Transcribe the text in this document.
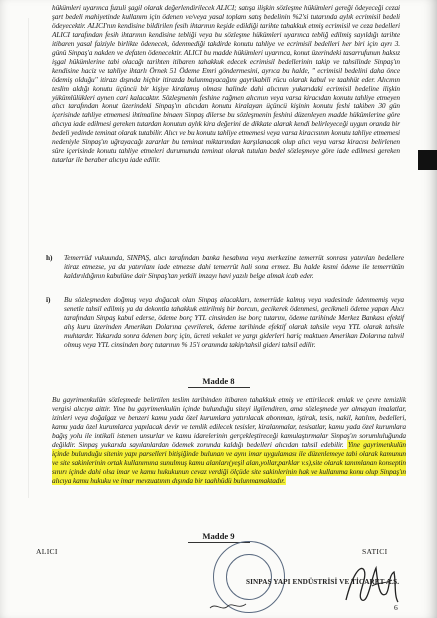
hükümleri uyarınca fuzuli şagil olarak değerlendirilecek ALICI; satışa ilişkin sözleşme hükümleri gereği ödeyeceği cezai şart bedeli mahiyetinde kullanım için ödenen ve/veya yasal toplam satış bedelinin %2'si tutarında aylık ecrimisil bedeli ödeyecektir. ALICI'nın kendisine bildirilen fesih ihtarının keşide edildiği tarihte tahakkuk etmiş ecrimisil ve ceza bedelleri ALICI tarafından fesih ihtarının kendisine tebliği veya bu sözleşme hükümleri uyarınca tebliğ edilmiş sayıldığı tarihte itibaren yasal faiziyle birlikte ödenecek, ödenmediği takdirde konutu tahliye ve ecrimisil bedelleri her biri için ayrı 3. günü Sinpaş'a nakden ve defaten ödenecektir. ALICI bu madde hükümleri uyarınca, konut üzerindeki tasarrufunun haksız işgal hükümlerine tabi olacağı tarihten itibaren tahakkuk edecek ecrimisil bedellerinin takip ve tahsilinde Sinpaş'ın kendisine haciz ve tahliye ihtarlı Örnek 51 Ödeme Emri göndermesini, ayrıca bu halde, " ecrimisil bedelini daha önce ödemiş olduğu" itirazı dışında hiçbir itirazda bulunmayacağını gayrikabili rücu olarak kabul ve taahhüt eder. Alıcının teslim aldığı konutu üçüncü bir kişiye kiralamış olması halinde dahi alıcının yukarıdaki ecrimisil bedeline ilişkin yükümlülükleri aynen cari kalacaktır. Sözleşmenin feshine rağmen alıcının veya varsa kiracıdan konutu tahliye etmeyen alıcı tarafından konut üzerindeki Sinpaş'ın alıcıdan konutu kiralayan üçüncü kişinin konutu feshi takiben 30 gün içerisinde tahliye etmemesi ihtimaline binaen Sinpaş dilerse bu sözleşmenin feshini düzenleyen madde hükümlerine göre alıcıya iade edilmesi gereken tutardan konutun aylık kira değerini de dikkate alarak kendi belirleyeceği uygun oranda bir bedeli yedinde teminat olarak tutabilir. Alıcı ve bu konutu tahliye etmemesi veya varsa kiracısının konutu tahliye etmemesi nedeniyle Sinpaş'ın uğrayacağı zararlar bu teminat miktarından karşılanacak olup alıcı veya varsa kiracısı belirlenen süre içerisinde konutu tahliye etmeleri durumunda teminat olarak tutulan bedel sözleşmeye göre iade edilmesi gereken tutarlar ile beraber alıcıya iade edilir.
h)	Temerrüd vukuunda, SINPAŞ, alıcı tarafından banka hesabına veya merkezine temerrüt sonrası yatırılan bedellere itiraz etmezse, ya da yatırılanı iade etmezse dahi temerrüt hali sona ermez. Bu halde kısmi ödeme ile temerrütün kaldırıldığının kabulüne dair Sinpaş'tan yetkili imzayı havi yazılı belge almak icab eder.
i)	Bu sözleşmeden doğmuş veya doğacak olan Sinpaş alacakları, temerrüde kalmış veya vadesinde ödenmemiş veya senetle tahsil edilmiş ya da dekontla tahakkuk ettirilmiş bir borcun, gecikerek ödenmesi, gecikmeli ödeme yapan Alıcı tarafından Sinpaş kabul ederse, ödeme borç YTL cinsinden ise borç tutarını, ödeme tarihinde Merkez Bankası efektif alış kuru üzerinden Amerikan Dolarına çevrilerek, ödeme tarihinde efektif olarak tahsile veya YTL olarak tahsile muhtardır. Yukarıda sonra ödenen borç için, ücreti vekalet ve yargı giderleri hariç maktuen Amerikan Dolarına tahvil olmuş veya YTL cinsinden borç tutarının % 15'i oranında takip/tahsil gideri tahsil edilir.
Madde 8
Bu gayrimenkulün sözleşmede belirtilen teslim tarihinden itibaren tahakkuk etmiş ve ettirilecek emlak ve çevre temizlik vergisi alıcıya aittir. Yine bu gayrimenkulün içinde bulunduğu siteyi ilgilendiren, ama sözleşmede yer almayan imalatlar, izinleri veya doğalgaz ve benzeri kamu yada özel kurumlara yatırılacak abonman, iştirak, tesis, nakil, katılım, bedelleri, kamu yada özel kurumlarca yapılacak devir ve temlik edilecek tesisler, kiralanmalar, tesisatlar, kamu yada özel kurumlara bağış yolu ile intikali istenen unsurlar ve kamu idarelerinin gerçekleştireceği kamulaştırmalar Sinpaş'ın sorumluluğunda değildir. Sinpaş yukarıda sayılanlardan ödemek zorunda kaldığı bedelleri alıcıdan tahsil edebilir. Yine gayrimenkulün içinde bulunduğu sitenin yapı parselleri bitişiğinde bulunan ve aynı imar uygulaması ile düzenlemeye tabi olarak kamunun ve site sakinlerinin ortak kullanımına sunulmuş kamu alanları(yeşil alan,yollar,parklar v.s),site olarak tanımlanan konseptin sınırı içinde dahi olsa imar ve kamu hukukunun cevaz verdiği ölçüde site sakinlerinin hak ve kullanıma konu olup Sinpaş'ın alıcıya kamu hukuku ve imar mevzuatının dışında bir taahhüdü bulunmamaktadır.
Madde 9
ALICI	SATICI
SINPAŞ YAPI ENDÜSTRİSİ VE TİCARET A.Ş.
6
